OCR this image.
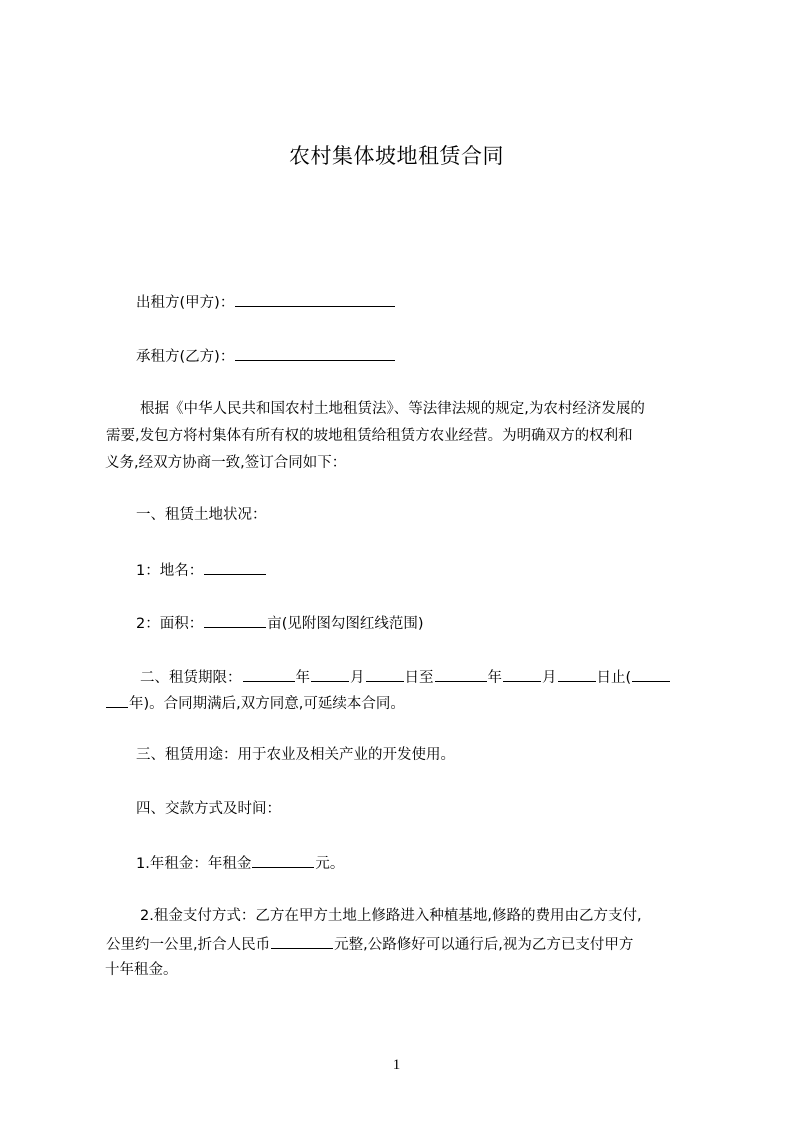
农村集体坡地租赁合同
出租方(甲方)：
承租方(乙方)：
根据《中华人民共和国农村土地租赁法》、等法律法规的规定,为农村经济发展的
需要,发包方将村集体有所有权的坡地租赁给租赁方农业经营。为明确双方的权利和
义务,经双方协商一致,签订合同如下：
一、租赁土地状况：
1：地名：
2：面积：	亩(见附图勾图红线范围)
二、租赁期限：	年	月	日至	年	月	日止(
年)。合同期满后,双方同意,可延续本合同。
三、租赁用途：用于农业及相关产业的开发使用。
四、交款方式及时间：
1.年租金：年租金	元。
2.租金支付方式：乙方在甲方土地上修路进入种植基地,修路的费用由乙方支付,
公里约一公里,折合人民币	元整,公路修好可以通行后,视为乙方已支付甲方
十年租金。
1
